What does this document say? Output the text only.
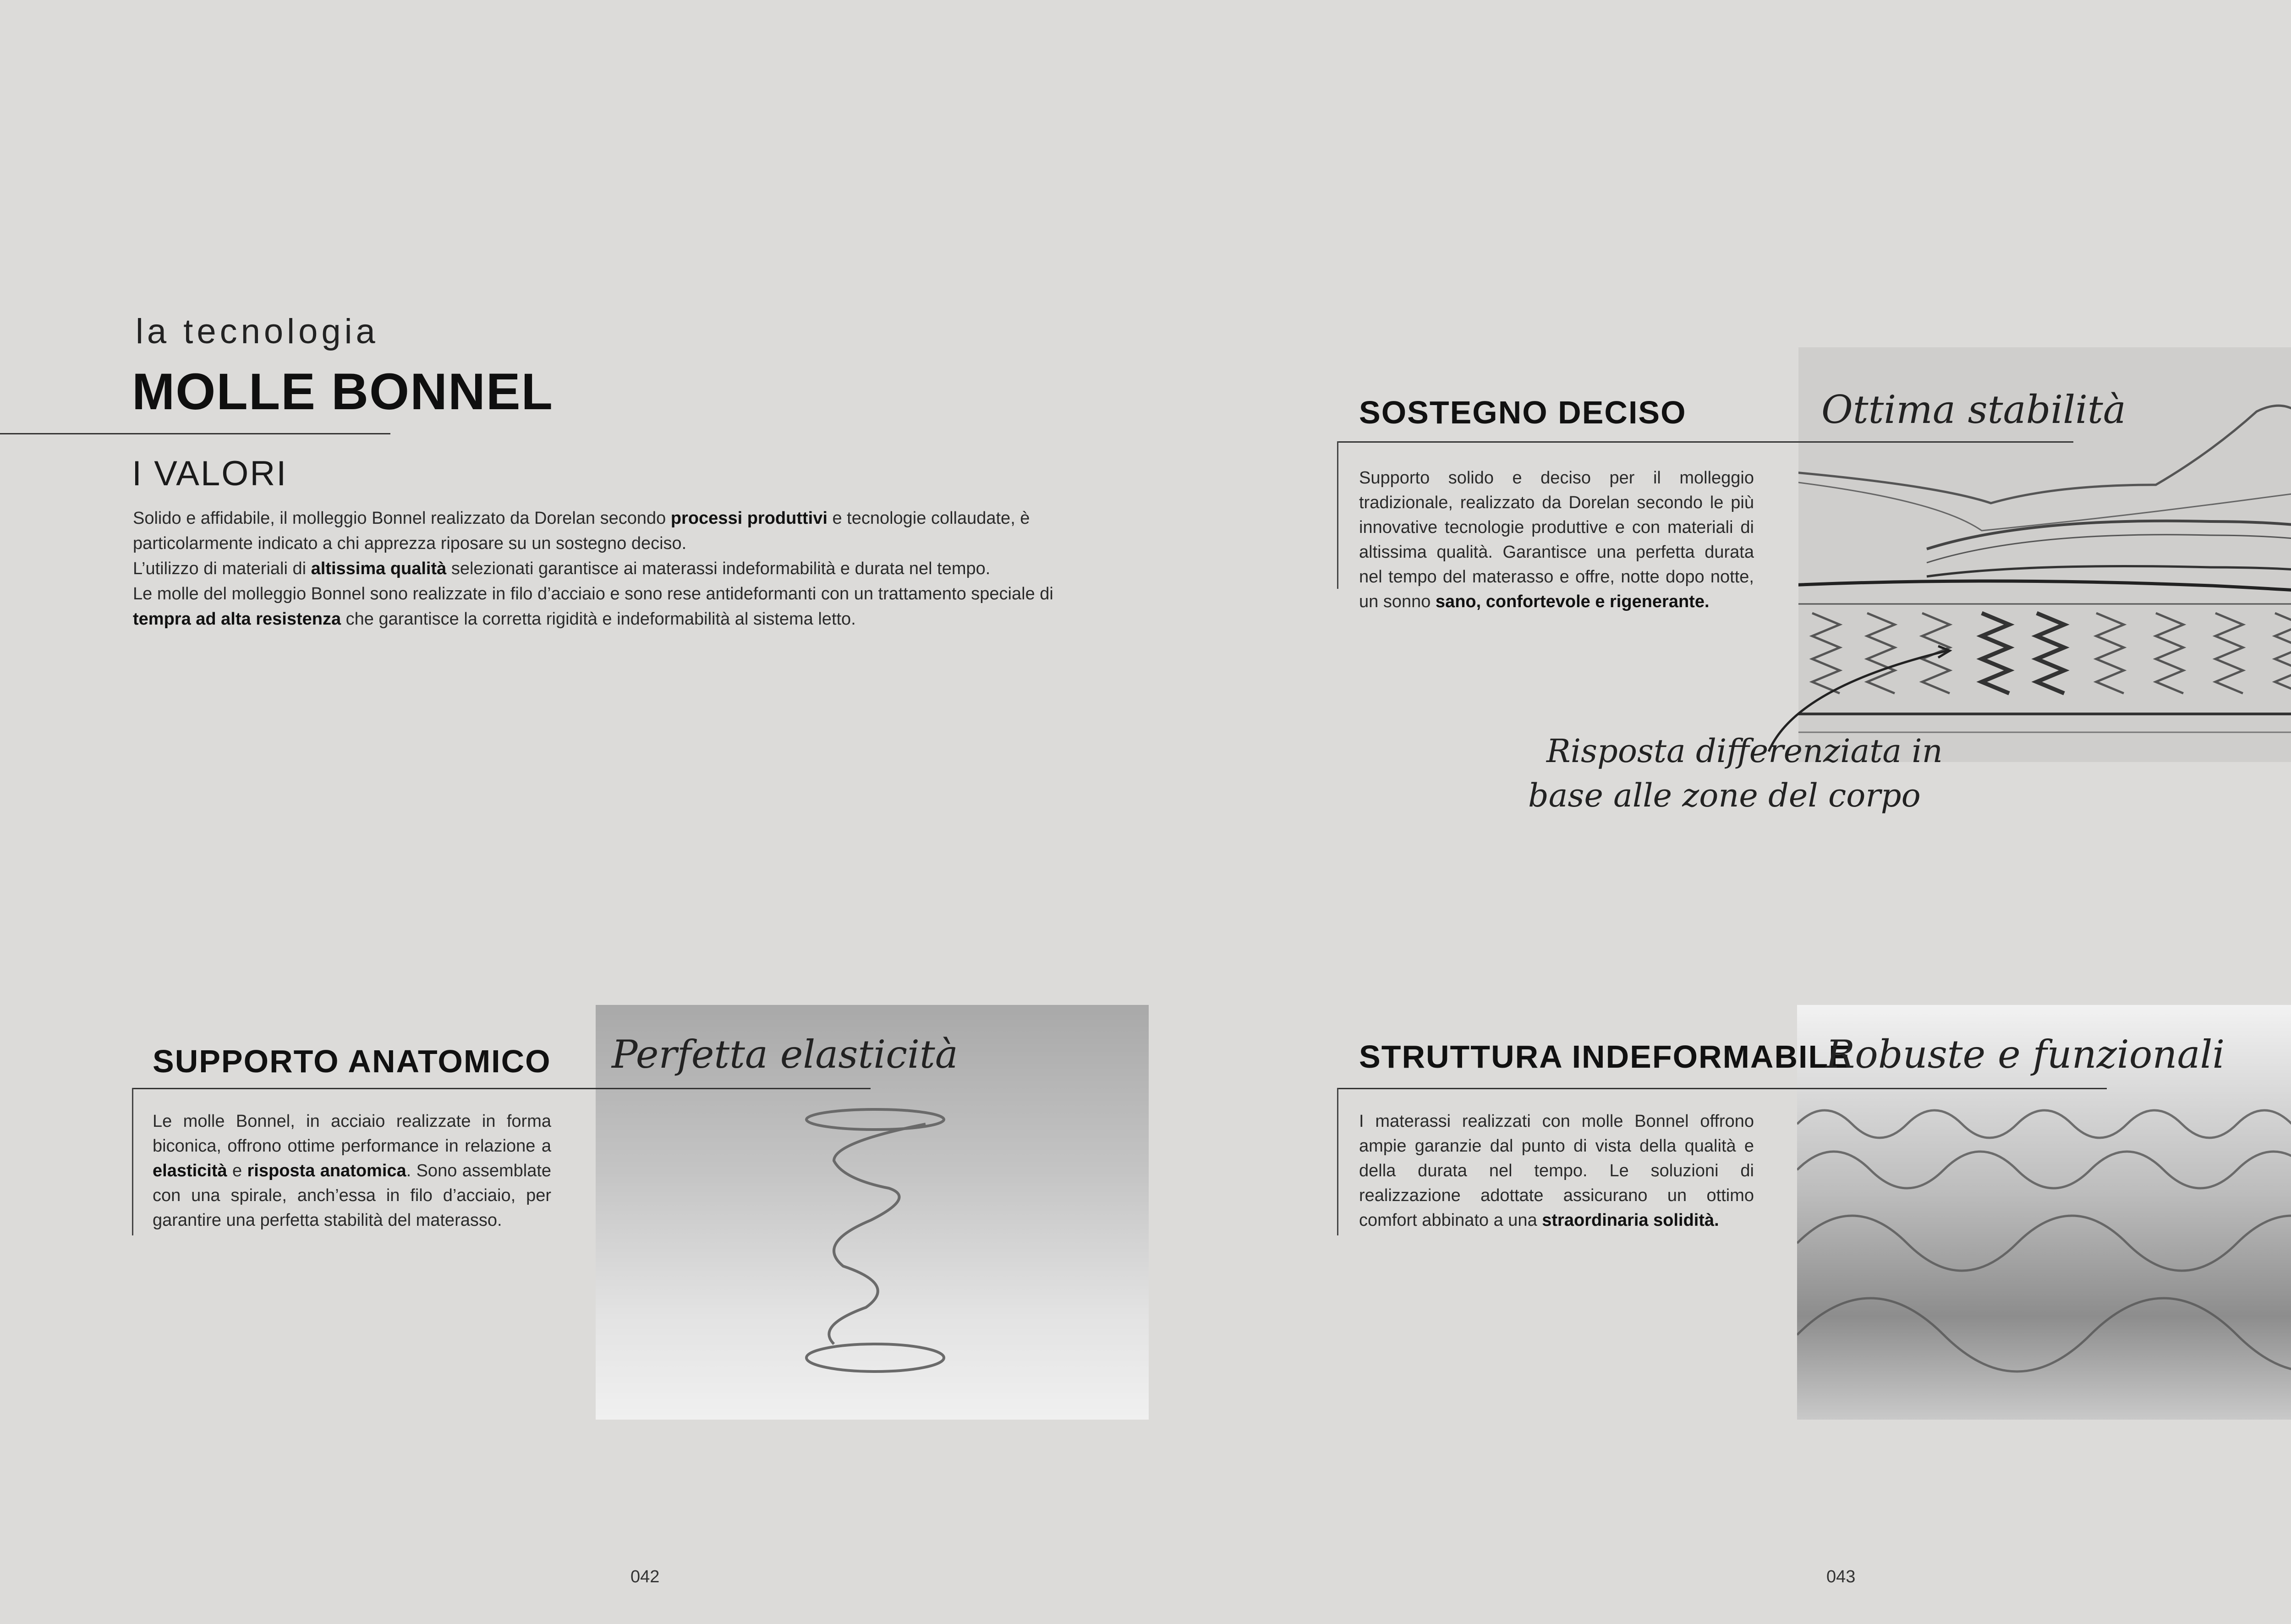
la tecnologia
MOLLE BONNEL
I VALORI

Solido e affidabile, il molleggio Bonnel realizzato da Dorelan secondo processi produttivi e tecnologie collaudate, è particolarmente indicato a chi apprezza riposare su un sostegno deciso.

L’utilizzo di materiali di altissima qualità selezionati garantisce ai materassi indeformabilità e durata nel tempo.

Le molle del molleggio Bonnel sono realizzate in filo d’acciaio e sono rese antideformanti con un trattamento speciale di tempra ad alta resistenza che garantisce la corretta rigidità e indeformabilità al sistema letto.

SOSTEGNO DECISO	Ottima stabilità
Supporto solido e deciso per il molleggio tradizionale, realizzato da Dorelan secondo le più innovative tecnologie produttive e con materiali di altissima qualità. Garantisce una perfetta durata nel tempo del materasso e offre, notte dopo notte, un sonno sano, confortevole e rigenerante.
Risposta differenziata in
base alle zone del corpo
SUPPORTO ANATOMICO Perfetta elasticità
Le molle Bonnel, in acciaio realizzate in forma biconica, offrono ottime performance in relazione a elasticità e risposta anatomica. Sono assemblate con una spirale, anch’essa in filo d’acciaio, per garantire una perfetta stabilità del materasso.
STRUTTURA INDEFORMABILE
Robuste e funzionali
I materassi realizzati con molle Bonnel offrono ampie garanzie dal punto di vista della qualità e della durata nel tempo. Le soluzioni di realizzazione adottate assicurano un ottimo comfort abbinato a una straordinaria solidità.
042	043
